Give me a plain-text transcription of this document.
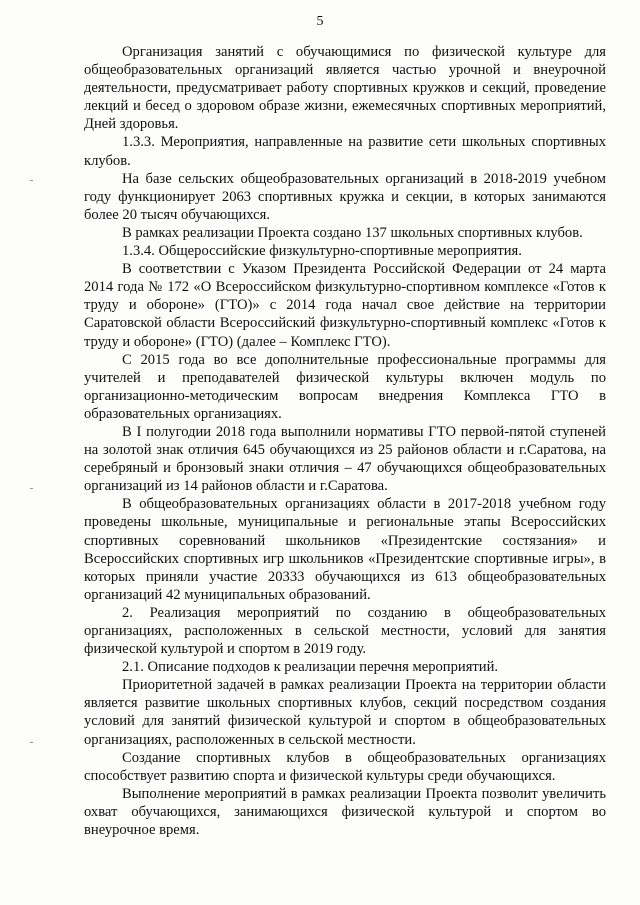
5

Организация занятий с обучающимися по физической культуре для общеобразовательных организаций является частью урочной и внеурочной деятельности, предусматривает работу спортивных кружков и секций, проведение лекций и бесед о здоровом образе жизни, ежемесячных спортивных мероприятий, Дней здоровья.

1.3.3. Мероприятия, направленные на развитие сети школьных спортивных клубов.

На базе сельских общеобразовательных организаций в 2018-2019 учебном году функционирует 2063 спортивных кружка и секции, в которых занимаются более 20 тысяч обучающихся.

В рамках реализации Проекта создано 137 школьных спортивных клубов.

1.3.4. Общероссийские физкультурно-спортивные мероприятия.

В соответствии с Указом Президента Российской Федерации от 24 марта 2014 года № 172 «О Всероссийском физкультурно-спортивном комплексе «Готов к труду и обороне» (ГТО)» с 2014 года начал свое действие на территории Саратовской области Всероссийский физкультурно-спортивный комплекс «Готов к труду и обороне» (ГТО) (далее – Комплекс ГТО).

С 2015 года во все дополнительные профессиональные программы для учителей и преподавателей физической культуры включен модуль по организационно-методическим вопросам внедрения Комплекса ГТО в образовательных организациях.

В I полугодии 2018 года выполнили нормативы ГТО первой-пятой ступеней на золотой знак отличия 645 обучающихся из 25 районов области и г.Саратова, на серебряный и бронзовый знаки отличия – 47 обучающихся общеобразовательных организаций из 14 районов области и г.Саратова.

В общеобразовательных организациях области в 2017-2018 учебном году проведены школьные, муниципальные и региональные этапы Всероссийских спортивных соревнований школьников «Президентские состязания» и Всероссийских спортивных игр школьников «Президентские спортивные игры», в которых приняли участие 20333 обучающихся из 613 общеобразовательных организаций 42 муниципальных образований.

2. Реализация мероприятий по созданию в общеобразовательных организациях, расположенных в сельской местности, условий для занятия физической культурой и спортом в 2019 году.

2.1. Описание подходов к реализации перечня мероприятий.

Приоритетной задачей в рамках реализации Проекта на территории области является развитие школьных спортивных клубов, секций посредством создания условий для занятий физической культурой и спортом в общеобразовательных организациях, расположенных в сельской местности.

Создание спортивных клубов в общеобразовательных организациях способствует развитию спорта и физической культуры среди обучающихся.

Выполнение мероприятий в рамках реализации Проекта позволит увеличить охват обучающихся, занимающихся физической культурой и спортом во внеурочное время.
